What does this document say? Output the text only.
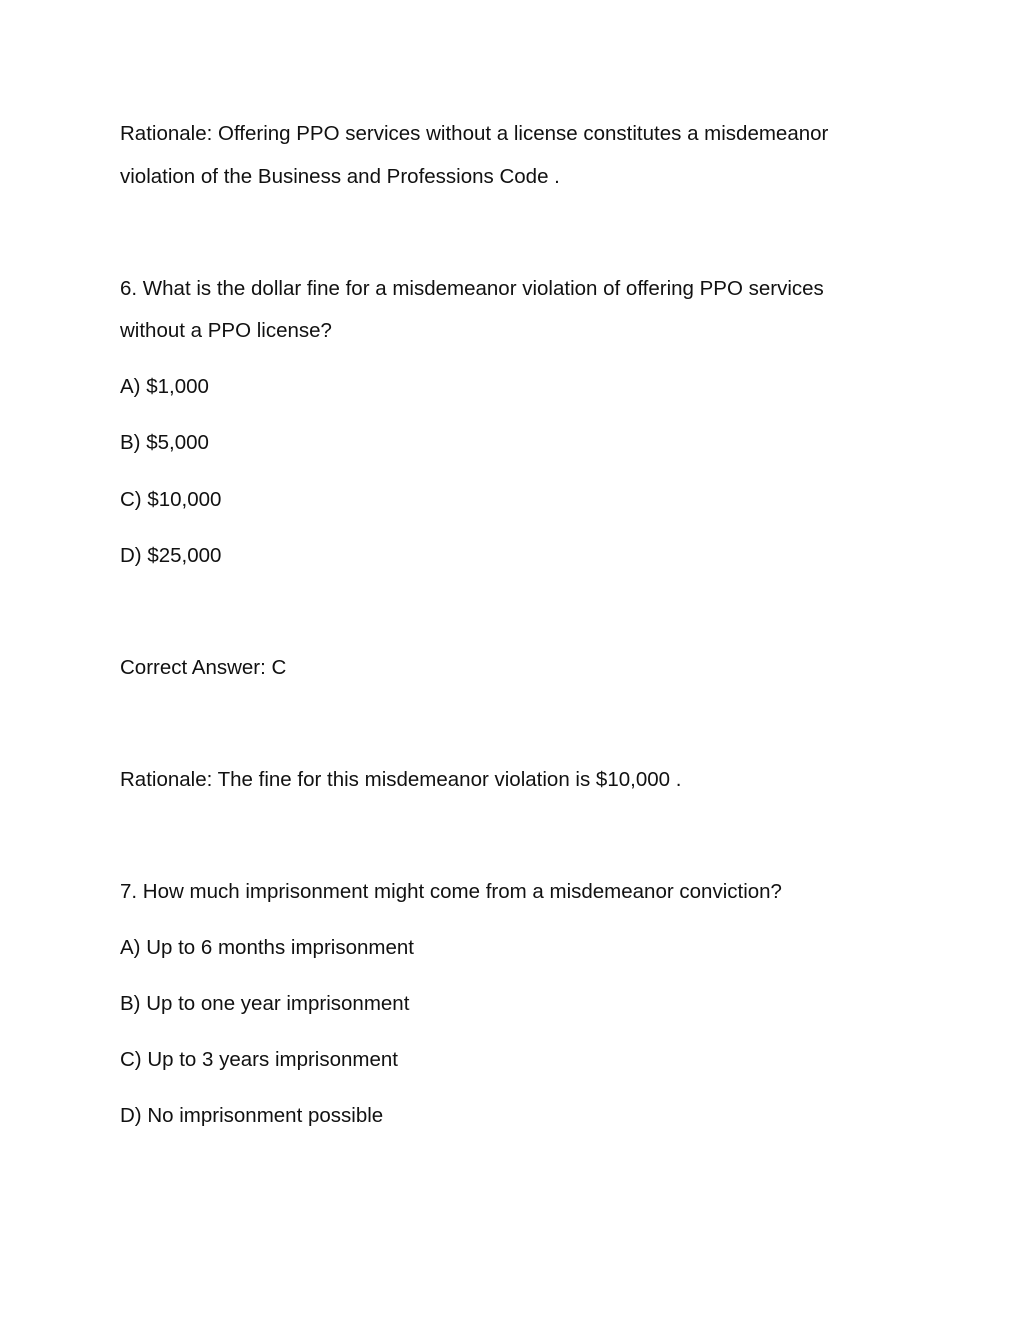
Rationale: Offering PPO services without a license constitutes a misdemeanor
violation of the Business and Professions Code .
6. What is the dollar fine for a misdemeanor violation of offering PPO services
without a PPO license?
A) $1,000
B) $5,000
C) $10,000
D) $25,000
Correct Answer: C
Rationale: The fine for this misdemeanor violation is $10,000 .
7. How much imprisonment might come from a misdemeanor conviction?
A) Up to 6 months imprisonment
B) Up to one year imprisonment
C) Up to 3 years imprisonment
D) No imprisonment possible
